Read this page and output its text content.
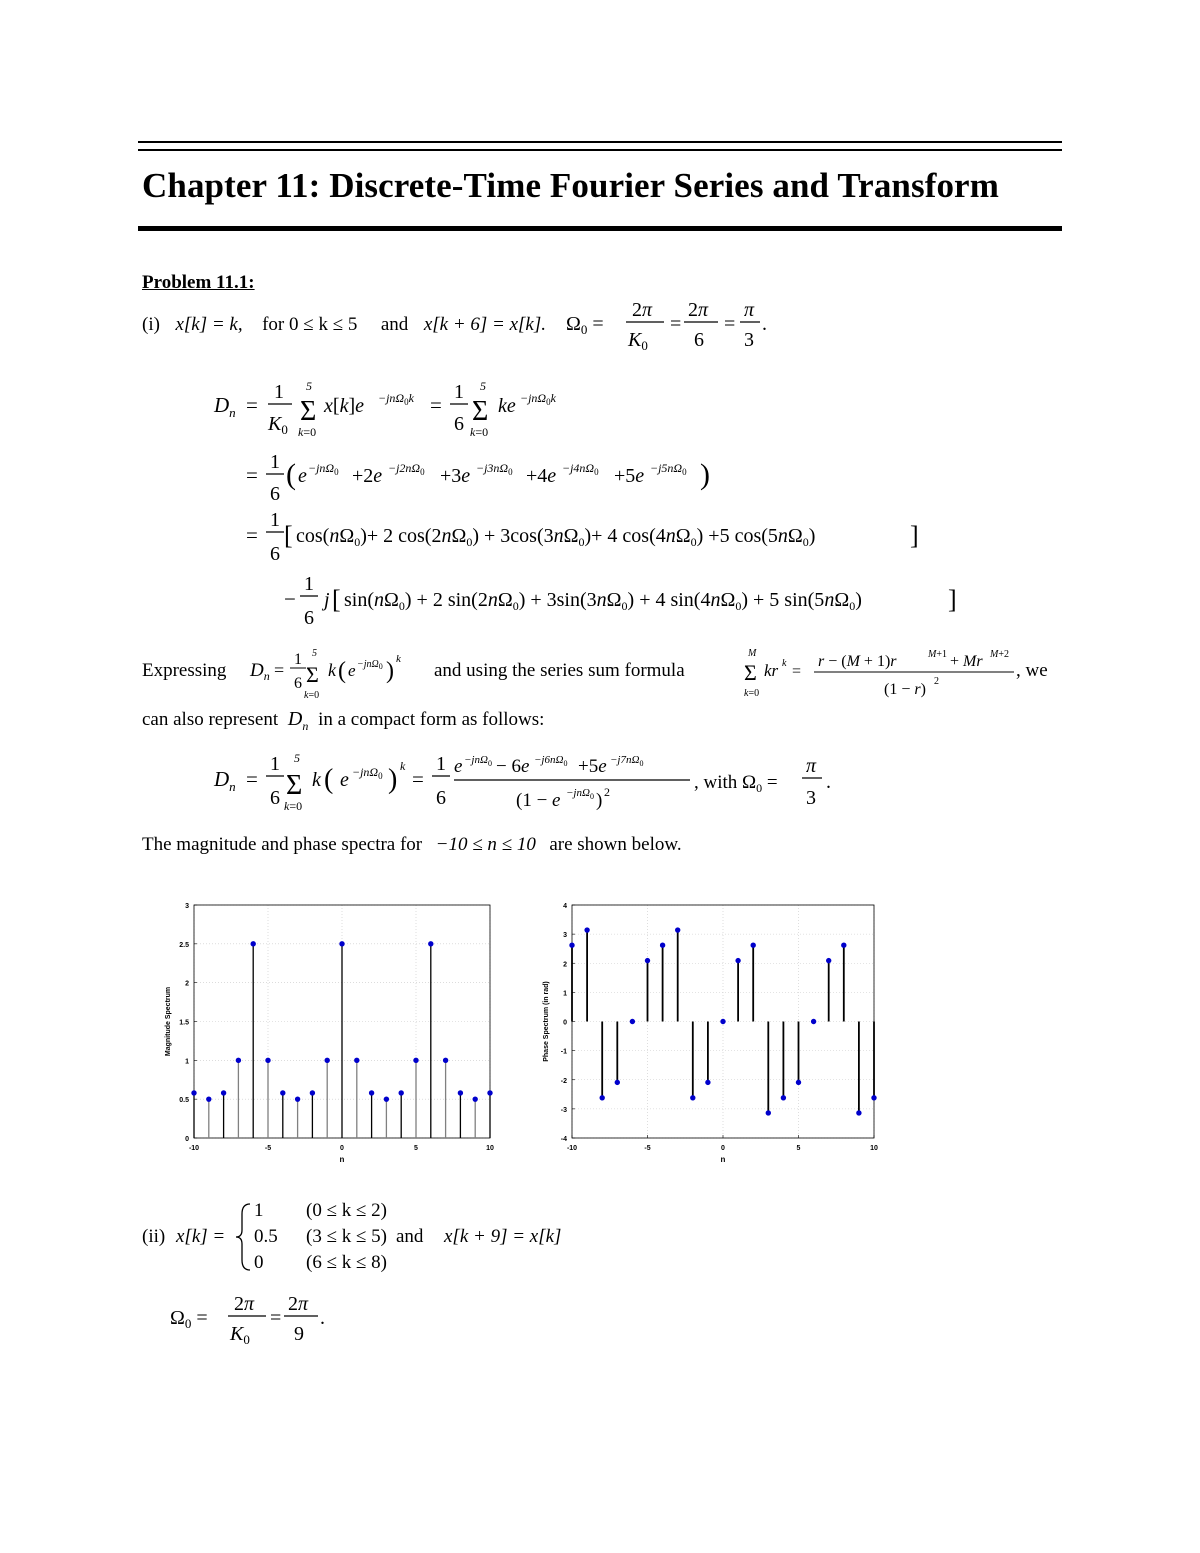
Chapter 11: Discrete-Time Fourier Series and Transform
Problem 11.1:
(i) x[k] = k, for 0 ≤ k ≤ 5 and x[k + 6] = x[k]. $\Omega_0$ =
2π
$K_0$
=
2π
6
=
π
3
.
$D_n$ =
1
$K_0$
5
Σ
k=0
x[k]e −jnΩ$_0$k =
1
6
5
Σ
k=0
ke −jnΩ$_0$k
=
1
6
( $e -jn\Omega_0 +2e -j2n\Omega_0 +3e -j3n\Omega_0 +4e -j4n\Omega_0 +5e -j5n\Omega_0$ )
=
1
6
[ $\cos(n\Omega_0)+ 2$ $\cos(2n\Omega_0) + 3\cos(3n\Omega_0)+ 4$ $\cos(4n\Omega_0) +5$ $\cos(5n\Omega_0)$	]
−
1
6
j [ $\sin(n\Omega_0) + 2$ $\sin(2n\Omega_0) + 3\sin(3n\Omega_0) + 4$ $\sin(4n\Omega_0) + 5$ $\sin(5n\Omega_0)$	]
Expressing $D_n$ =
1
6
5
Σ
k=0
k ( e −jnΩ$_0$ ) k
and using the series sum formula
M
Σ
k=0
kr k =
r − (M + 1)r	M+1 + Mr M+2
(1 − r) 2
, we
can also represent  $D_n$ in a compact form as follows:
$D_n$ =
1
6
5
Σ
k=0
k ( e −jnΩ$_0$ ) k
=
1
6
$e -jn\Omega_0 - 6e -j6n\Omega_0 +5e -j7n\Omega_0$
(1 − e −jnΩ$_0$ ) 2	, with $\Omega_0$ =
π
3
.
The magnitude and phase spectra for −10 ≤ n ≤ 10 are shown below.
-10	-5	0	5	10
0
0.5
1
1.5
2
2.5
3
n
Magnitude Spectrum
-10	-5	0	5	10
-4
-3
-2
-1
0
1
2
3
4
n
Phase Spectrum (in rad)
(ii) x[k] =
1 (0 ≤ k ≤ 2)
0.5 (3 ≤ k ≤ 5)
0 (6 ≤ k ≤ 8)
and x[k + 9] = x[k]
$\Omega_0$ =
2π
$K_0$
=
2π
9
.
